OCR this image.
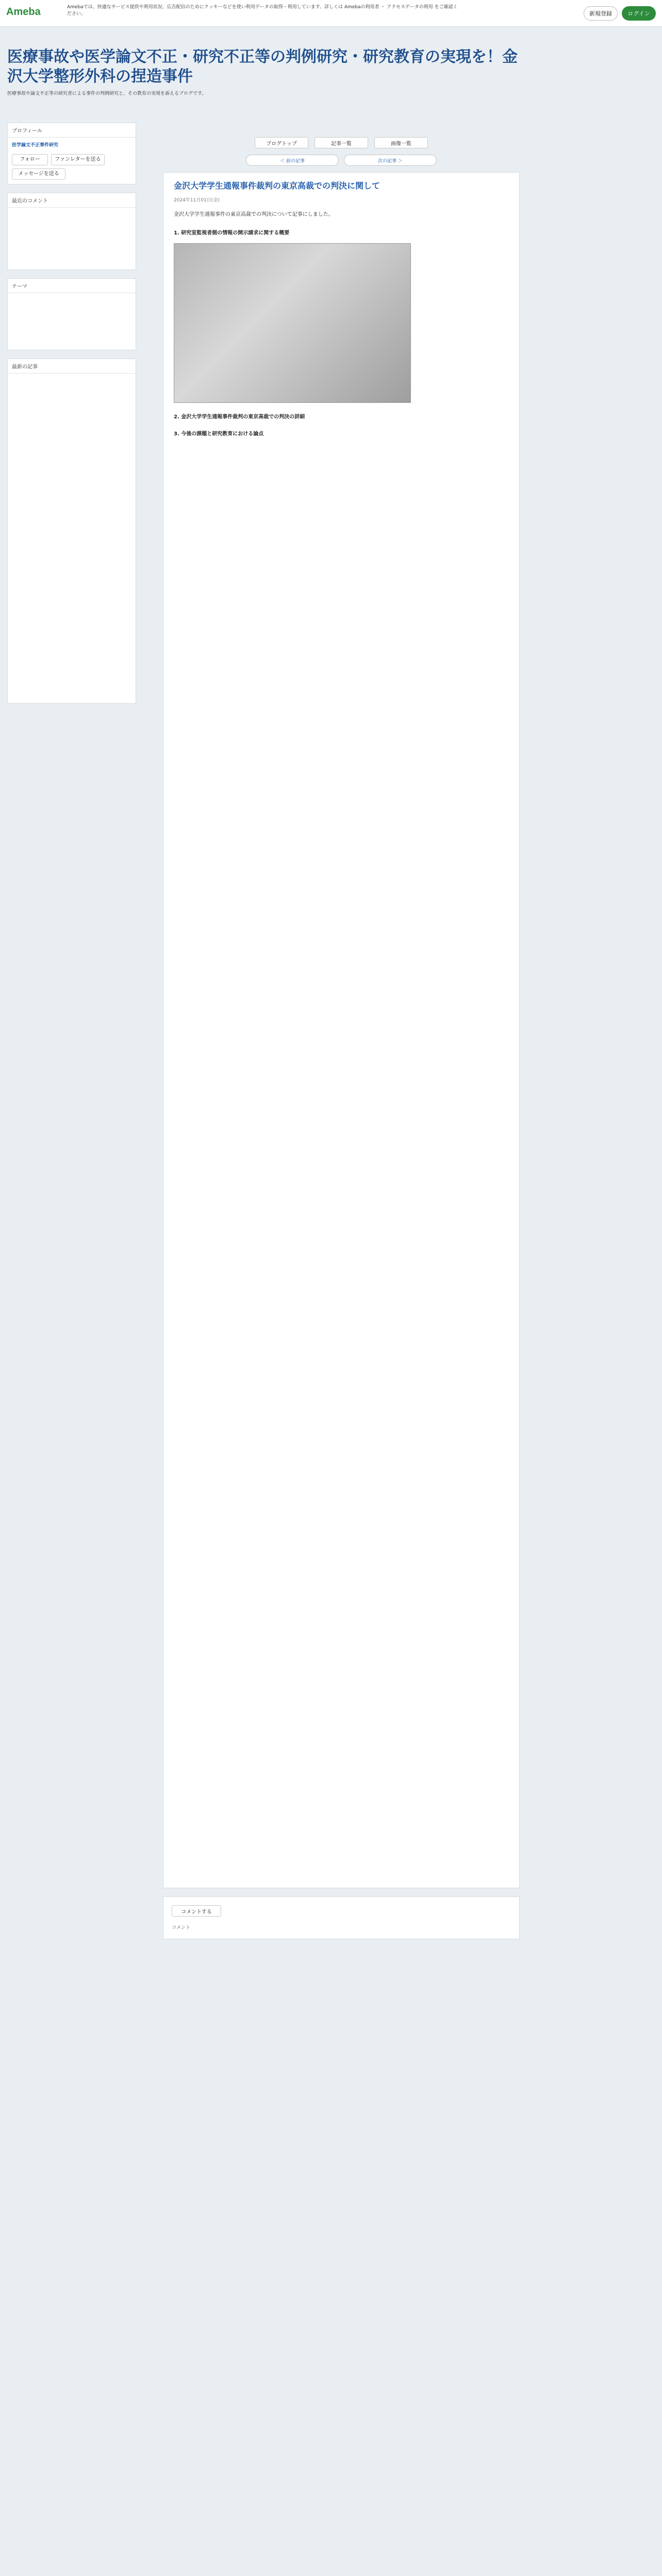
Ameba	Amebaでは、快適なサービス提供や利用状況、広告配信のためにクッキーなどを使い利用データの取得・利用しています。詳しくは Amebaの利用者 ・ アクセスデータの利用 をご確認ください。	新規登録	ログイン
医療事故や医学論文不正・研究不正等の判例研究・研究教育の実現を！金沢大学整形外科の捏造事件
医療事故や論文不正等の研究者による事件の判例研究と、その教育の実現を訴えるブログです。
プロフィール
医学論文不正事件研究
フォロー	ファンレターを送る
メッセージを送る
最近のコメント
テーマ
最新の記事
ブログトップ	記事一覧	画像一覧
＜ 前の記事	次の記事 ＞
金沢大学学生通報事件裁判の東京高裁での判決に関して
2024年11月01日(金)
金沢大学学生通報事件の東京高裁での判決について記事にしました。
1. 研究室監視者側の情報の開示請求に関する概要
2. 金沢大学学生通報事件裁判の東京高裁での判決の詳細
3. 今後の課題と研究教育における論点
コメントする
コメント
